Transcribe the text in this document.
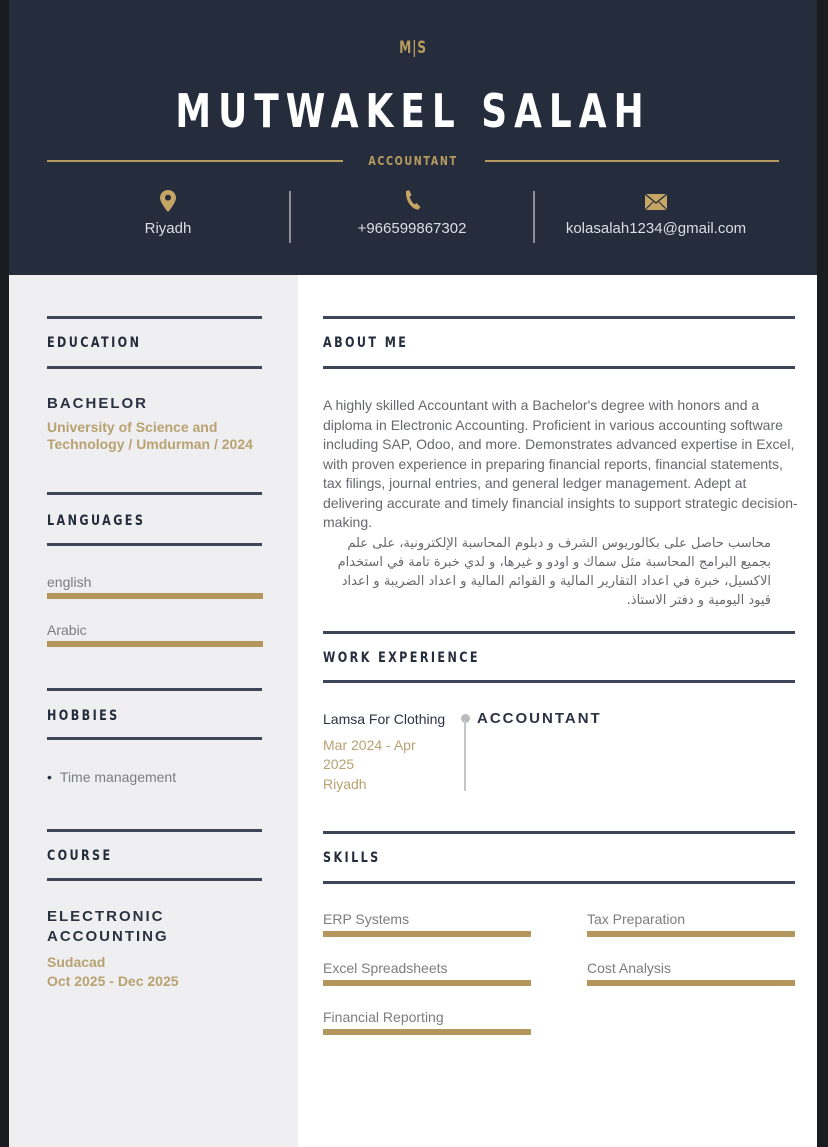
M|S
MUTWAKEL SALAH
ACCOUNTANT
Riyadh	+966599867302	kolasalah1234@gmail.com
EDUCATION
BACHELOR
University of Science and
Technology / Umdurman / 2024
LANGUAGES
english
Arabic
HOBBIES
• Time management
COURSE
ELECTRONIC
ACCOUNTING
Sudacad
Oct 2025 - Dec 2025
ABOUT ME
A highly skilled Accountant with a Bachelor's degree with honors and a diploma in Electronic Accounting. Proficient in various accounting software including SAP, Odoo, and more. Demonstrates advanced expertise in Excel, with proven experience in preparing financial reports, financial statements, tax filings, journal entries, and general ledger management. Adept at delivering accurate and timely financial insights to support strategic decision-making.
محاسب حاصل على بكالوريوس الشرف و دبلوم المحاسبة الإلكترونية، على علم بجميع البرامج المحاسبة مثل سماك و اودو و غيرها، و لدي خبرة تامة في استخدام الاكسيل، خبرة في اعداد التقارير المالية و القوائم المالية و اعداد الضريبة و اعداد قيود اليومية و دفتر الاستاذ.
WORK EXPERIENCE
Lamsa For Clothing
Mar 2024 - Apr
2025
Riyadh
ACCOUNTANT
SKILLS
ERP Systems	Tax Preparation
Excel Spreadsheets	Cost Analysis
Financial Reporting
